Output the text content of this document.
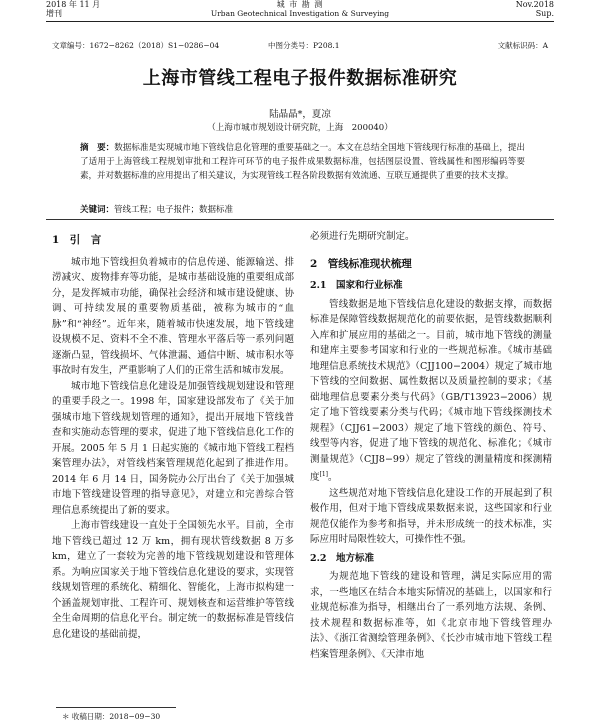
2018 年 11 月
增刊
城 市 勘 测
Urban Geotechnical Investigation & Surveying
Nov.2018
Sup.
文章编号：1672−8262（2018）S1−0286−04	中图分类号：P208.1	文献标识码：A
上海市管线工程电子报件数据标准研究
陆晶晶*，夏凉
（上海市城市规划设计研究院，上海　200040）
摘　要：数据标准是实现城市地下管线信息化管理的重要基础之一。本文在总结全国地下管线现行标准的基础上，提出了适用于上海管线工程规划审批和工程许可环节的电子报件成果数据标准，包括图层设置、管线属性和图形编码等要素，并对数据标准的应用提出了相关建议，为实现管线工程各阶段数据有效流通、互联互通提供了重要的技术支撑。
关键词：管线工程；电子报件；数据标准

1　引　言

城市地下管线担负着城市的信息传递、能源输送、排涝减灾、废物排弃等功能，是城市基础设施的重要组成部分，是发挥城市功能，确保社会经济和城市建设健康、协调、可持续发展的重要物质基础，被称为城市的“血脉”和“神经”。近年来，随着城市快速发展，地下管线建设规模不足、资料不全不准、管理水平落后等一系列问题逐渐凸显，管线损坏、气体泄漏、通信中断、城市积水等事故时有发生，严重影响了人们的正常生活和城市发展。

城市地下管线信息化建设是加强管线规划建设和管理的重要手段之一。1998 年，国家建设部发布了《关于加强城市地下管线规划管理的通知》，提出开展地下管线普查和实施动态管理的要求，促进了地下管线信息化工作的开展。2005 年 5 月 1 日起实施的《城市地下管线工程档案管理办法》，对管线档案管理规范化起到了推进作用。2014 年 6 月 14 日，国务院办公厅出台了《关于加强城市地下管线建设管理的指导意见》，对建立和完善综合管理信息系统提出了新的要求。

上海市管线建设一直处于全国领先水平。目前，全市地下管线已超过 12 万 km，拥有现状管线数据 8 万多 km，建立了一套较为完善的地下管线规划建设和管理体系。为响应国家关于地下管线信息化建设的要求，实现管线规划管理的系统化、精细化、智能化，上海市拟构建一个涵盖规划审批、工程许可、规划核查和运营维护等管线全生命周期的信息化平台。制定统一的数据标准是管线信息化建设的基础前提，

必须进行先期研究制定。

2　管线标准现状梳理

2.1　国家和行业标准

管线数据是地下管线信息化建设的数据支撑，而数据标准是保障管线数据规范化的前要依据，是管线数据顺利入库和扩展应用的基础之一。目前，城市地下管线的测量和建库主要参考国家和行业的一些规范标准。《城市基础地理信息系统技术规范》（CJJ100−2004）规定了城市地下管线的空间数据、属性数据以及质量控制的要求；《基础地理信息要素分类与代码》（GB/T13923−2006）规定了地下管线要素分类与代码；《城市地下管线探测技术规程》（CJJ61−2003）规定了地下管线的颜色、符号、线型等内容，促进了地下管线的规范化、标准化；《城市测量规范》（CJJ8−99）规定了管线的测量精度和探测精度[1]。

这些规范对地下管线信息化建设工作的开展起到了积极作用，但对于地下管线成果数据来说，这些国家和行业规范仅能作为参考和指导，并未形成统一的技术标准，实际应用时局限性较大，可操作性不强。

2.2　地方标准

为规范地下管线的建设和管理，满足实际应用的需求，一些地区在结合本地实际情况的基础上，以国家和行业规范标准为指导，相继出台了一系列地方法规、条例、技术规程和数据标准等，如《北京市地下管线管理办法》、《浙江省测绘管理条例》、《长沙市城市地下管线工程档案管理条例》、《天津市地

＊ 收稿日期：2018−09−30
